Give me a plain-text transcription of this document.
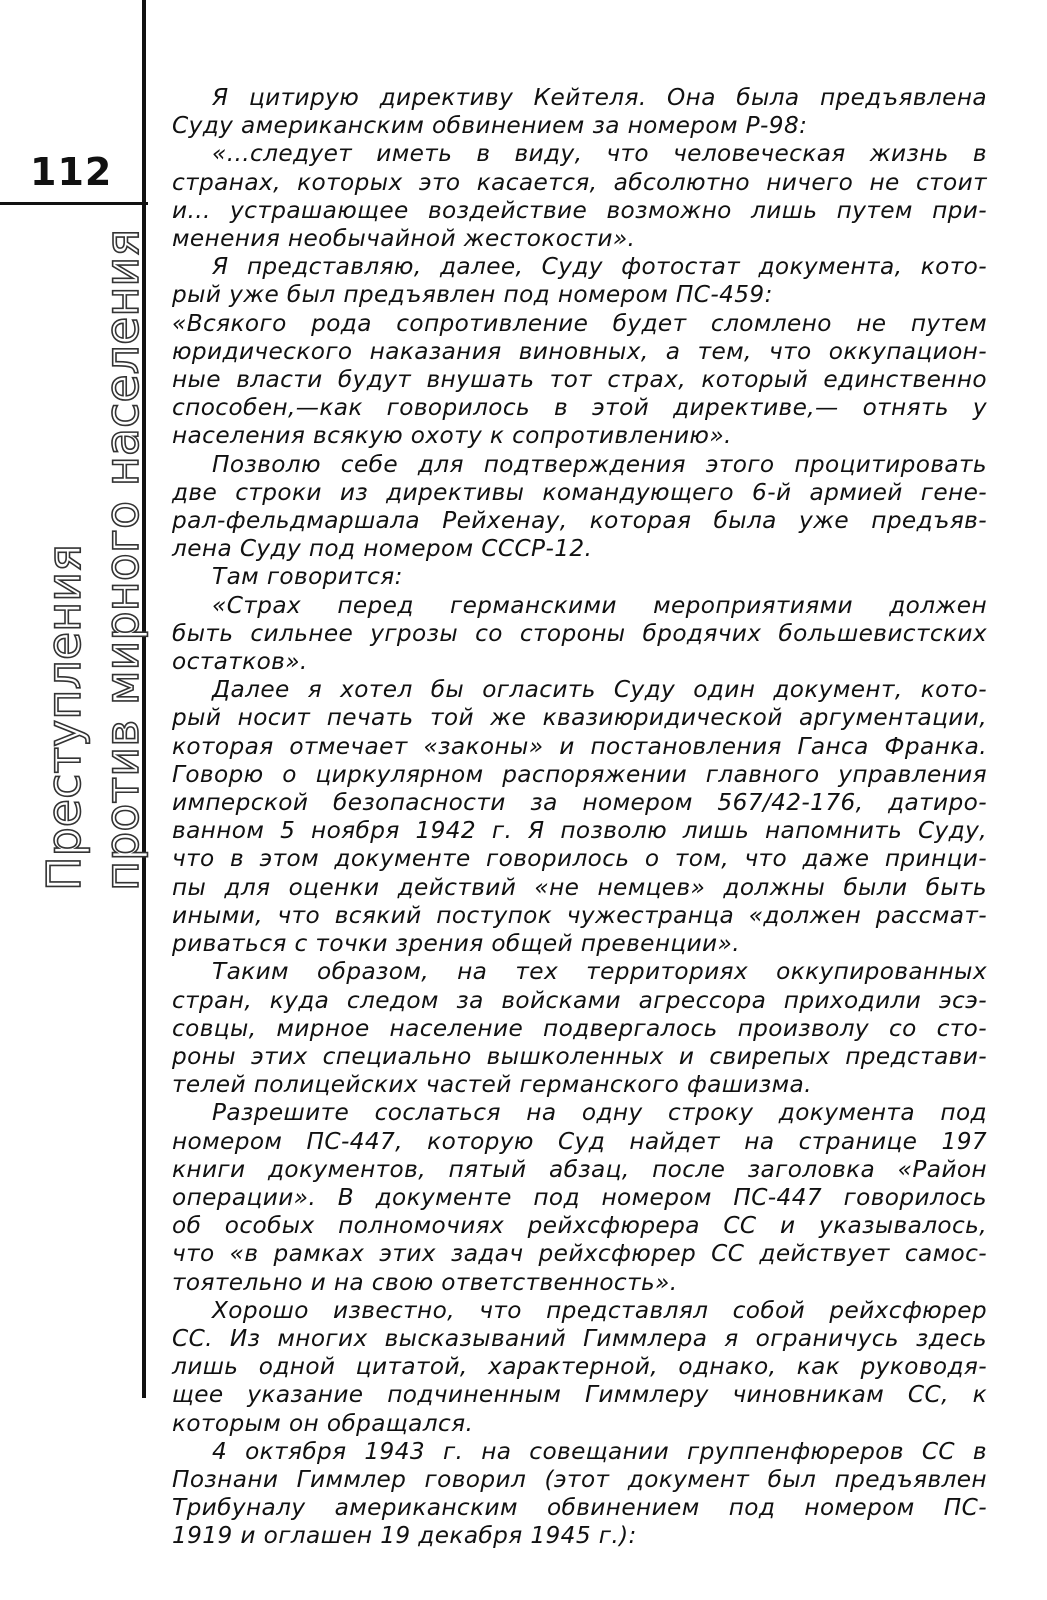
112
Преступления против мирного населения
Я цитирую директиву Кейтеля. Она была предъявлена
Суду американским обвинением за номером Р-98:
«...следует иметь в виду, что человеческая жизнь в
странах, которых это касается, абсолютно ничего не стоит
и... устрашающее воздействие возможно лишь путем при-
менения необычайной жестокости».
Я представляю, далее, Суду фотостат документа, кото-
рый уже был предъявлен под номером ПС-459:
«Всякого рода сопротивление будет сломлено не путем
юридического наказания виновных, а тем, что оккупацион-
ные власти будут внушать тот страх, который единственно
способен,—как говорилось в этой директиве,— отнять у
населения всякую охоту к сопротивлению».
Позволю себе для подтверждения этого процитировать
две строки из директивы командующего 6-й армией гене-
рал-фельдмаршала Рейхенау, которая была уже предъяв-
лена Суду под номером СССР-12.
Там говорится:
«Страх перед германскими мероприятиями должен
быть сильнее угрозы со стороны бродячих большевистских
остатков».
Далее я хотел бы огласить Суду один документ, кото-
рый носит печать той же квазиюридической аргументации,
которая отмечает «законы» и постановления Ганса Франка.
Говорю о циркулярном распоряжении главного управления
имперской безопасности за номером 567/42-176, датиро-
ванном 5 ноября 1942 г. Я позволю лишь напомнить Суду,
что в этом документе говорилось о том, что даже принци-
пы для оценки действий «не немцев» должны были быть
иными, что всякий поступок чужестранца «должен рассмат-
риваться с точки зрения общей превенции».
Таким образом, на тех территориях оккупированных
стран, куда следом за войсками агрессора приходили эсэ-
совцы, мирное население подвергалось произволу со сто-
роны этих специально вышколенных и свирепых представи-
телей полицейских частей германского фашизма.
Разрешите сослаться на одну строку документа под
номером ПС-447, которую Суд найдет на странице 197
книги документов, пятый абзац, после заголовка «Район
операции». В документе под номером ПС-447 говорилось
об особых полномочиях рейхсфюрера СС и указывалось,
что «в рамках этих задач рейхсфюрер СС действует самос-
тоятельно и на свою ответственность».
Хорошо известно, что представлял собой рейхсфюрер
СС. Из многих высказываний Гиммлера я ограничусь здесь
лишь одной цитатой, характерной, однако, как руководя-
щее указание подчиненным Гиммлеру чиновникам СС, к
которым он обращался.
4 октября 1943 г. на совещании группенфюреров СС в
Познани Гиммлер говорил (этот документ был предъявлен
Трибуналу американским обвинением под номером ПС-
1919 и оглашен 19 декабря 1945 г.):
